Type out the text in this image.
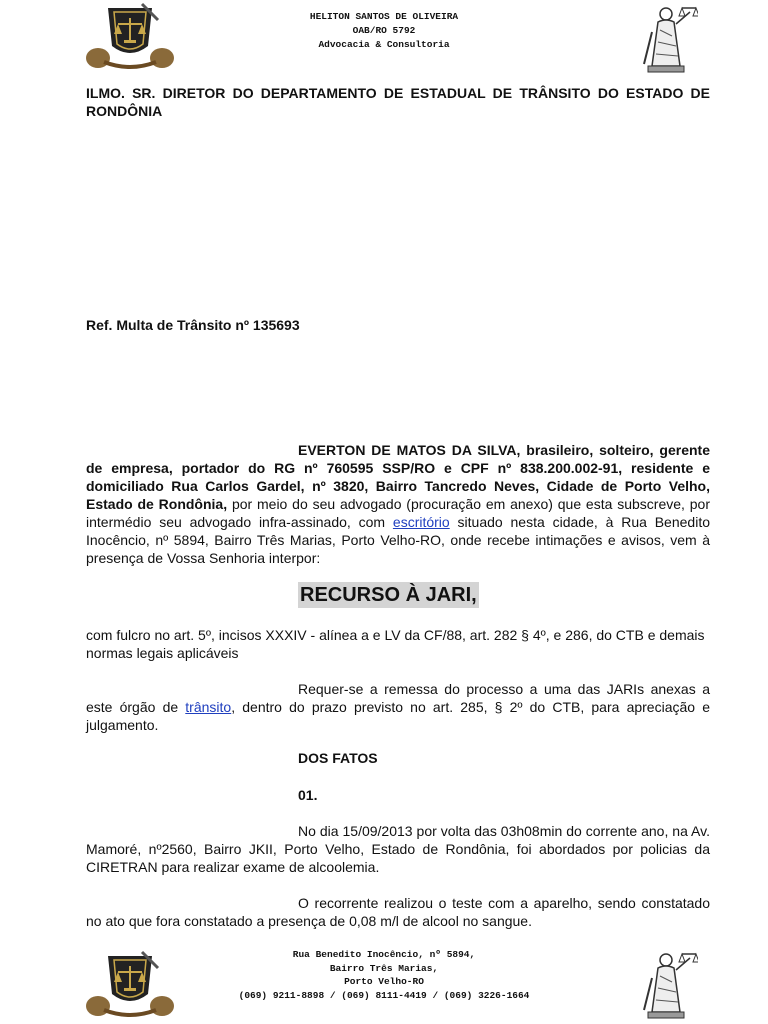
HELITON SANTOS DE OLIVEIRA
OAB/RO 5792
Advocacia & Consultoria
ILMO. SR. DIRETOR DO DEPARTAMENTO DE ESTADUAL DE TRÂNSITO DO ESTADO DE RONDÔNIA
Ref. Multa de Trânsito nº 135693
EVERTON DE MATOS DA SILVA, brasileiro, solteiro, gerente de empresa, portador do RG nº 760595 SSP/RO e CPF nº 838.200.002-91, residente e domiciliado Rua Carlos Gardel, nº 3820, Bairro Tancredo Neves, Cidade de Porto Velho, Estado de Rondônia, por meio do seu advogado (procuração em anexo) que esta subscreve, por intermédio seu advogado infra-assinado, com escritório situado nesta cidade, à Rua Benedito Inocêncio, nº 5894, Bairro Três Marias, Porto Velho-RO, onde recebe intimações e avisos, vem à presença de Vossa Senhoria interpor:
RECURSO À JARI,
com fulcro no art. 5º, incisos XXXIV - alínea a e LV da CF/88, art. 282 § 4º, e 286, do CTB e demais normas legais aplicáveis
Requer-se a remessa do processo a uma das JARIs anexas a este órgão de trânsito, dentro do prazo previsto no art. 285, § 2º do CTB, para apreciação e julgamento.
DOS FATOS
01.
No dia 15/09/2013 por volta das 03h08min do corrente ano, na Av. Mamoré, nº2560, Bairro JKII, Porto Velho, Estado de Rondônia, foi abordados por policias da CIRETRAN para realizar exame de alcoolemia.
O recorrente realizou o teste com a aparelho, sendo constatado no ato que fora constatado a presença de 0,08 m/l de alcool no sangue.
Rua Benedito Inocêncio, nº 5894,
Bairro Três Marias,
Porto Velho-RO
(069) 9211-8898 / (069) 8111-4419 / (069) 3226-1664
